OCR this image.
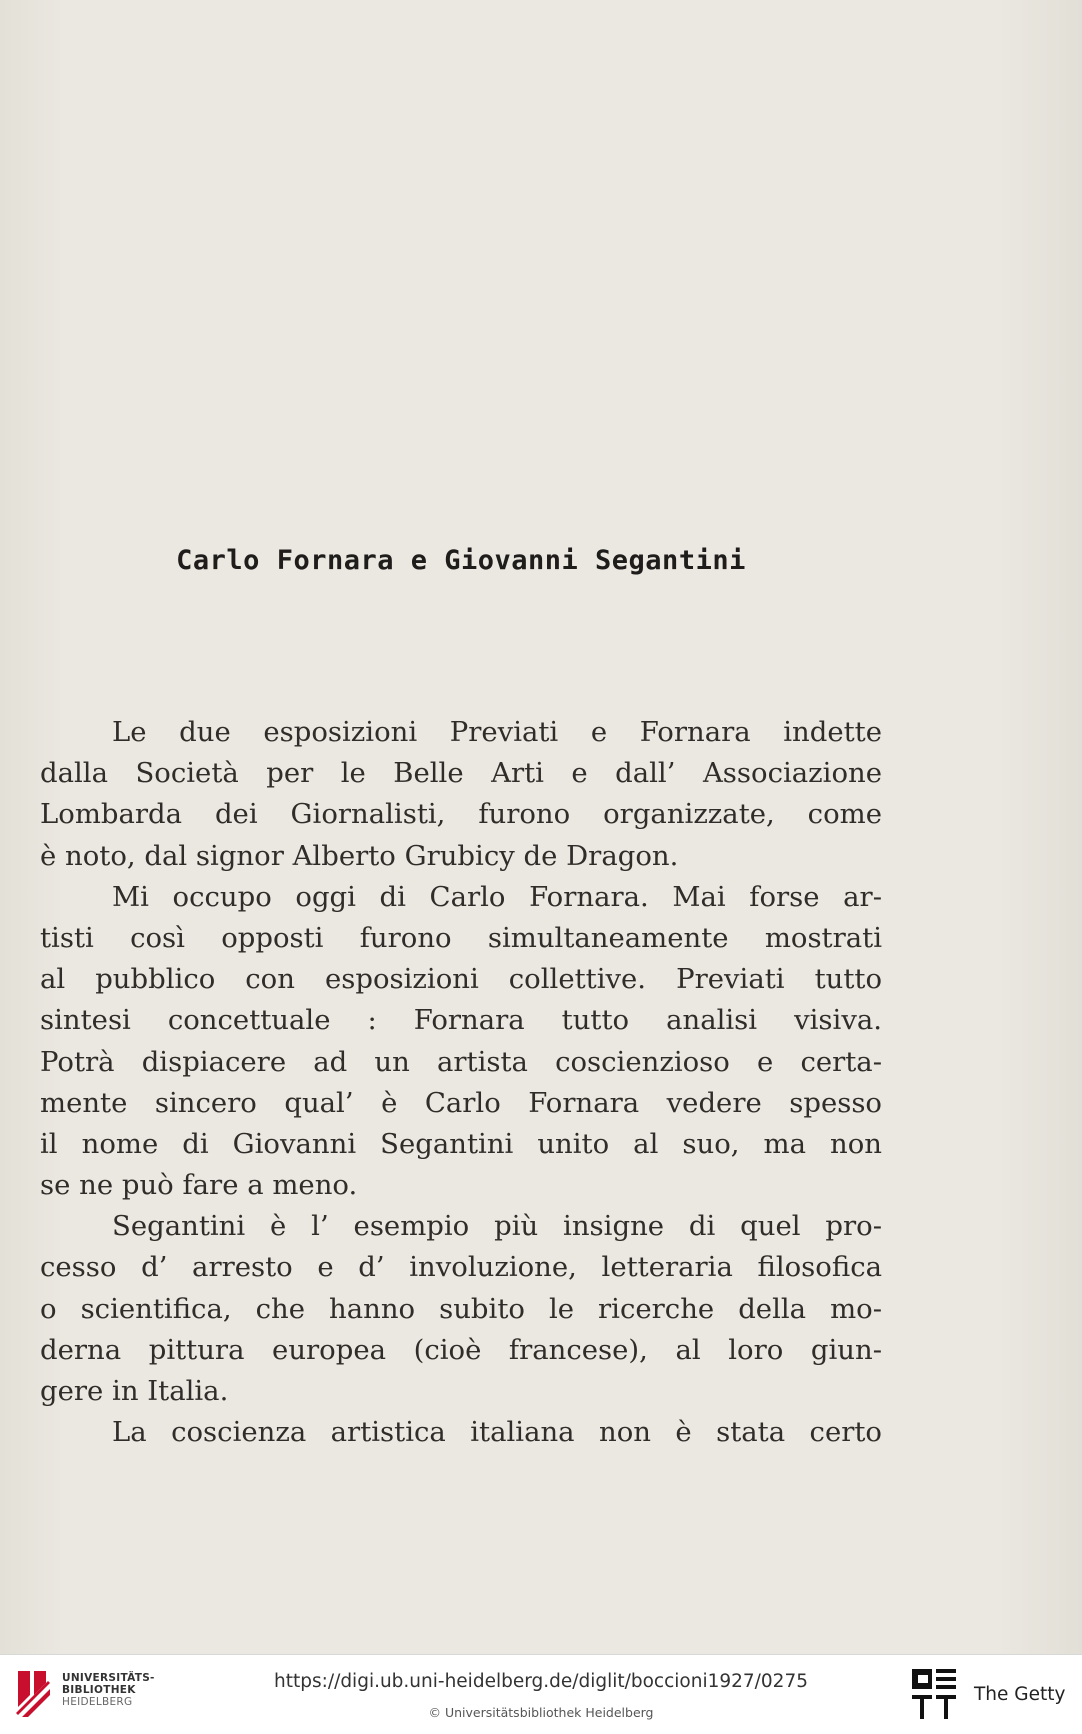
Carlo Fornara e Giovanni Segantini
Le due esposizioni Previati e Fornara indette
dalla Società per le Belle Arti e dall’ Associazione
Lombarda dei Giornalisti, furono organizzate, come
è noto, dal signor Alberto Grubicy de Dragon.
Mi occupo oggi di Carlo Fornara. Mai forse ar-
tisti così opposti furono simultaneamente mostrati
al pubblico con esposizioni collettive. Previati tutto
sintesi concettuale : Fornara tutto analisi visiva.
Potrà dispiacere ad un artista coscienzioso e certa-
mente sincero qual’ è Carlo Fornara vedere spesso
il nome di Giovanni Segantini unito al suo, ma non
se ne può fare a meno.
Segantini è l’ esempio più insigne di quel pro-
cesso d’ arresto e d’ involuzione, letteraria filosofica
o scientifica, che hanno subito le ricerche della mo-
derna pittura europea (cioè francese), al loro giun-
gere in Italia.
La coscienza artistica italiana non è stata certo
UNIVERSITÄTS-
BIBLIOTHEK
HEIDELBERG
https://digi.ub.uni-heidelberg.de/diglit/boccioni1927/0275
© Universitätsbibliothek Heidelberg
The Getty
